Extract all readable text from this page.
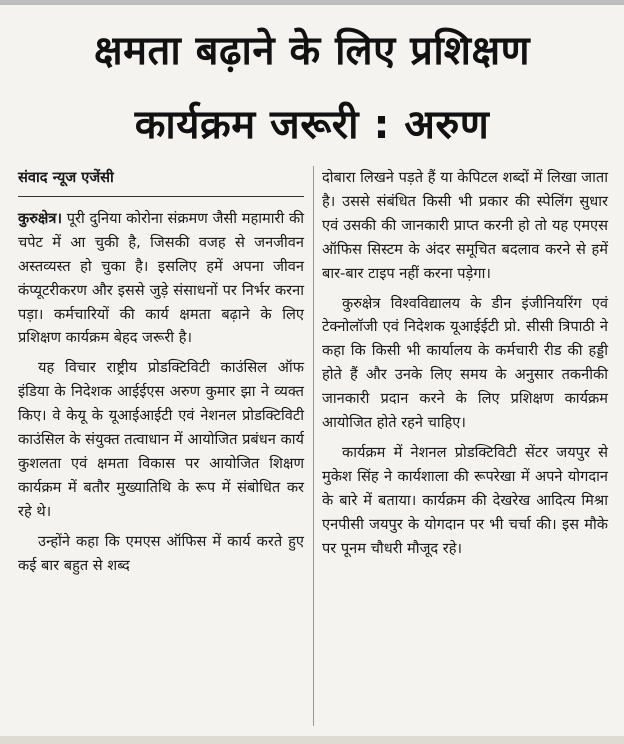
क्षमता बढ़ाने के लिए प्रशिक्षण
कार्यक्रम जरूरी : अरुण
संवाद न्यूज एजेंसी

कुरुक्षेत्र। पूरी दुनिया कोरोना संक्रमण जैसी महामारी की चपेट में आ चुकी है, जिसकी वजह से जनजीवन अस्तव्यस्त हो चुका है। इसलिए हमें अपना जीवन कंप्यूटरीकरण और इससे जुड़े संसाधनों पर निर्भर करना पड़ा। कर्मचारियों की कार्य क्षमता बढ़ाने के लिए प्रशिक्षण कार्यक्रम बेहद जरूरी है।

यह विचार राष्ट्रीय प्रोडक्टिविटी काउंसिल ऑफ इंडिया के निदेशक आईईएस अरुण कुमार झा ने व्यक्त किए। वे केयू के यूआईआईटी एवं नेशनल प्रोडक्टिविटी काउंसिल के संयुक्त तत्वाधान में आयोजित प्रबंधन कार्य कुशलता एवं क्षमता विकास पर आयोजित शिक्षण कार्यक्रम में बतौर मुख्यातिथि के रूप में संबोधित कर रहे थे।

उन्होंने कहा कि एमएस ऑफिस में कार्य करते हुए कई बार बहुत से शब्द

दोबारा लिखने पड़ते हैं या केपिटल शब्दों में लिखा जाता है। उससे संबंधित किसी भी प्रकार की स्पेलिंग सुधार एवं उसकी की जानकारी प्राप्त करनी हो तो यह एमएस ऑफिस सिस्टम के अंदर समूचित बदलाव करने से हमें बार-बार टाइप नहीं करना पड़ेगा।

कुरुक्षेत्र विश्वविद्यालय के डीन इंजीनियरिंग एवं टेक्नोलॉजी एवं निदेशक यूआईईटी प्रो. सीसी त्रिपाठी ने कहा कि किसी भी कार्यालय के कर्मचारी रीड की हड्डी होते हैं और उनके लिए समय के अनुसार तकनीकी जानकारी प्रदान करने के लिए प्रशिक्षण कार्यक्रम आयोजित होते रहने चाहिए।

कार्यक्रम में नेशनल प्रोडक्टिविटी सेंटर जयपुर से मुकेश सिंह ने कार्यशाला की रूपरेखा में अपने योगदान के बारे में बताया। कार्यक्रम की देखरेख आदित्य मिश्रा एनपीसी जयपुर के योगदान पर भी चर्चा की। इस मौके पर पूनम चौधरी मौजूद रहे।
